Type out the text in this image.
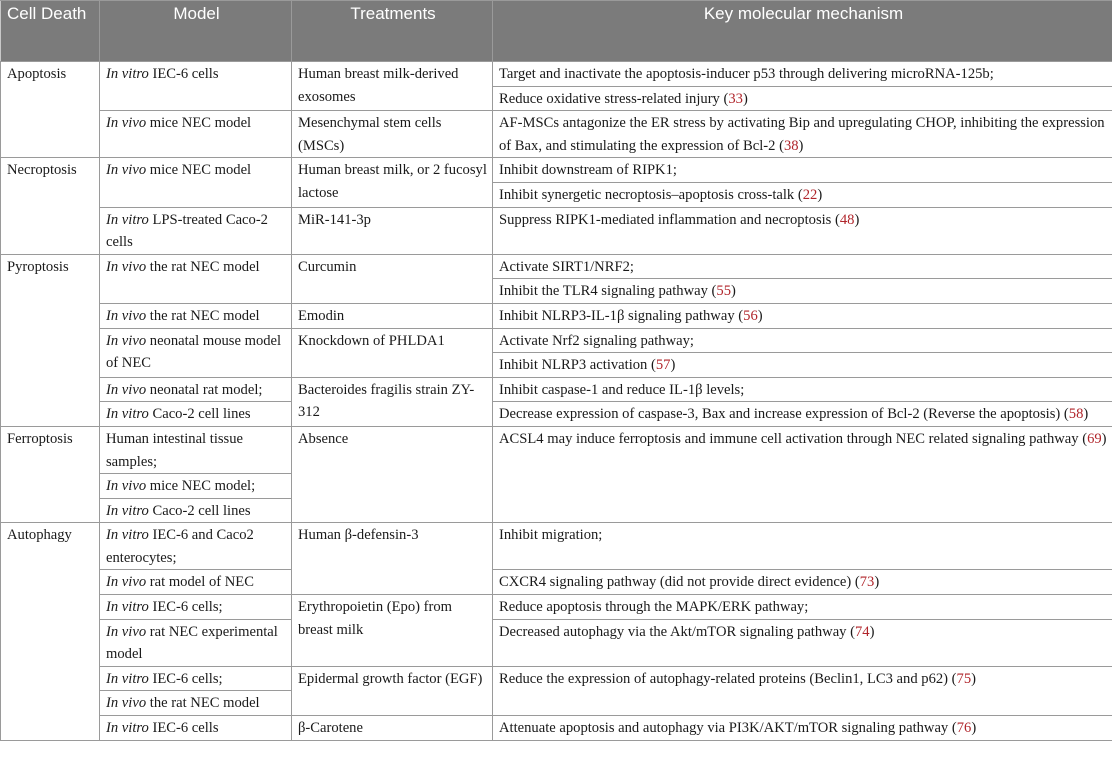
Cell Death	Model	Treatments	Key molecular mechanism
Apoptosis	In vitro IEC-6 cells	Human breast milk-derived exosomes	Target and inactivate the apoptosis-inducer p53 through delivering microRNA-125b;
			Reduce oxidative stress-related injury (33)
	In vivo mice NEC model	Mesenchymal stem cells (MSCs)	AF-MSCs antagonize the ER stress by activating Bip and upregulating CHOP, inhibiting the expression of Bax, and stimulating the expression of Bcl-2 (38)
Necroptosis	In vivo mice NEC model	Human breast milk, or 2 fucosyl lactose	Inhibit downstream of RIPK1;
			Inhibit synergetic necroptosis–apoptosis cross-talk (22)
	In vitro LPS-treated Caco-2 cells	MiR-141-3p	Suppress RIPK1-mediated inflammation and necroptosis (48)
Pyroptosis	In vivo the rat NEC model	Curcumin	Activate SIRT1/NRF2;
			Inhibit the TLR4 signaling pathway (55)
	In vivo the rat NEC model	Emodin	Inhibit NLRP3-IL-1β signaling pathway (56)

	In vivo neonatal mouse model of NEC	Knockdown of PHLDA1	Activate Nrf2 signaling pathway;
			Inhibit NLRP3 activation (57)
	In vivo neonatal rat model;	Bacteroides fragilis strain ZY-312	Inhibit caspase-1 and reduce IL-1β levels;
	In vitro Caco-2 cell lines		Decrease expression of caspase-3, Bax and increase expression of Bcl-2 (Reverse the apoptosis) (58)
Ferroptosis	Human intestinal tissue samples;	Absence	ACSL4 may induce ferroptosis and immune cell activation through NEC related signaling pathway (69)

	In vivo mice NEC model;		
	In vitro Caco-2 cell lines		
Autophagy	In vitro IEC-6 and Caco2 enterocytes;	Human β-defensin-3	Inhibit migration;
	In vivo rat model of NEC		CXCR4 signaling pathway (did not provide direct evidence) (73)
	In vitro IEC-6 cells;	Erythropoietin (Epo) from breast milk	Reduce apoptosis through the MAPK/ERK pathway;
	In vivo rat NEC experimental model		Decreased autophagy via the Akt/mTOR signaling pathway (74)
	In vitro IEC-6 cells;	Epidermal growth factor (EGF)	Reduce the expression of autophagy-related proteins (Beclin1, LC3 and p62) (75)

	In vivo the rat NEC model		
	In vitro IEC-6 cells	β-Carotene	Attenuate apoptosis and autophagy via PI3K/AKT/mTOR signaling pathway (76)
